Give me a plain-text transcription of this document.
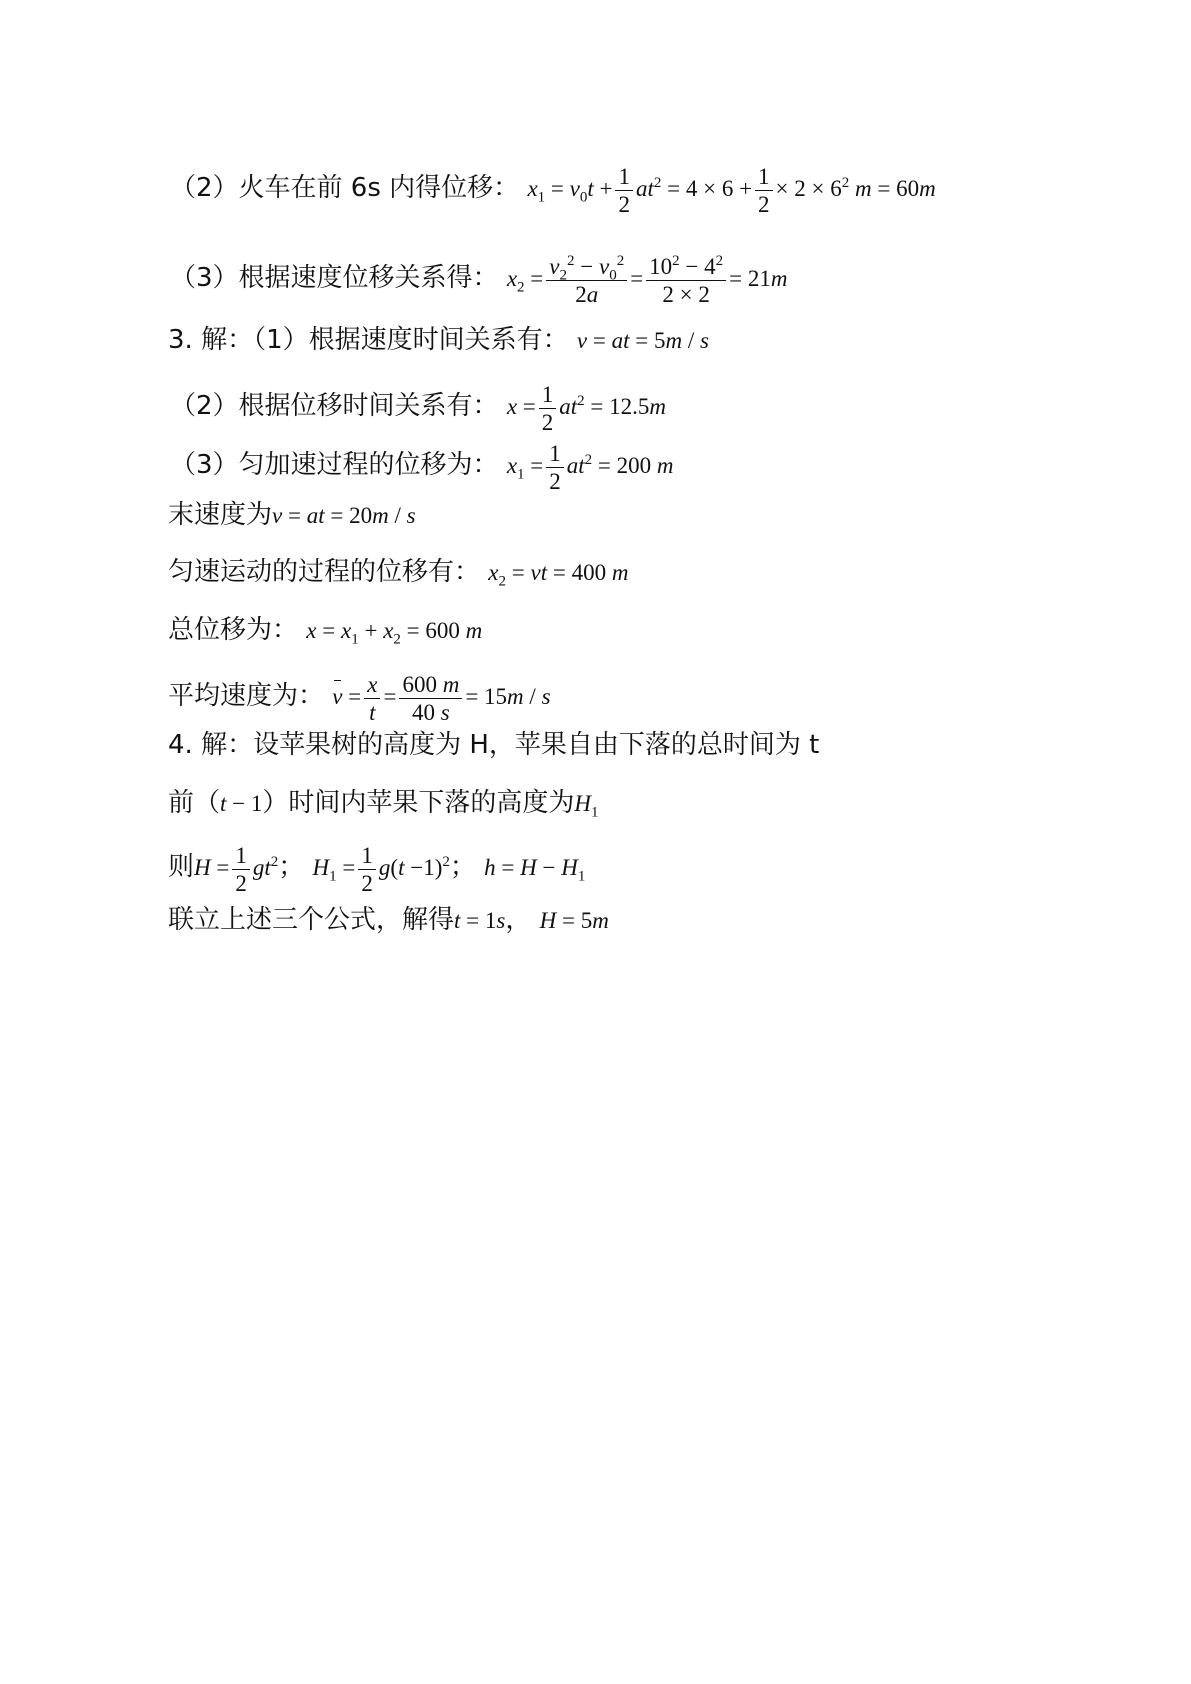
（2）火车在前 6s 内得位移： $x_1 = v_0t + \frac{1}{2} at^2 = 4 \times 6 + \frac{1}{2} \times 2 \times 6^2$ m = 60m
（3）根据速度位移关系得： $x_2 = \frac{v_2^2 - v_0^2}{2a} = \frac{10^2 - 4^2}{2 \times 2} = 21m$
3. 解：（1）根据速度时间关系有： v = at = 5m / s
（2）根据位移时间关系有： $x = \frac{1}{2} at^2 = 12.5m$
（3）匀加速过程的位移为： $x_1 = \frac{1}{2} at^2 = 200$ m
末速度为v = at = 20m / s
匀速运动的过程的位移有： $x_2$ = vt = 400 m
总位移为： $x = x_1 + x_2 = 600$ m
平均速度为： $v = \frac{x}{t} = \frac{600 m}{40 s} = 15m / s$
4. 解：设苹果树的高度为 H，苹果自由下落的总时间为 t
前（t − 1）时间内苹果下落的高度为$H_1$
则$H = \frac{1}{2} gt^2$； $H_1 = \frac{1}{2} g(t -1)^2$； $h = H - H_1$
联立上述三个公式，解得t = 1s， H = 5m
